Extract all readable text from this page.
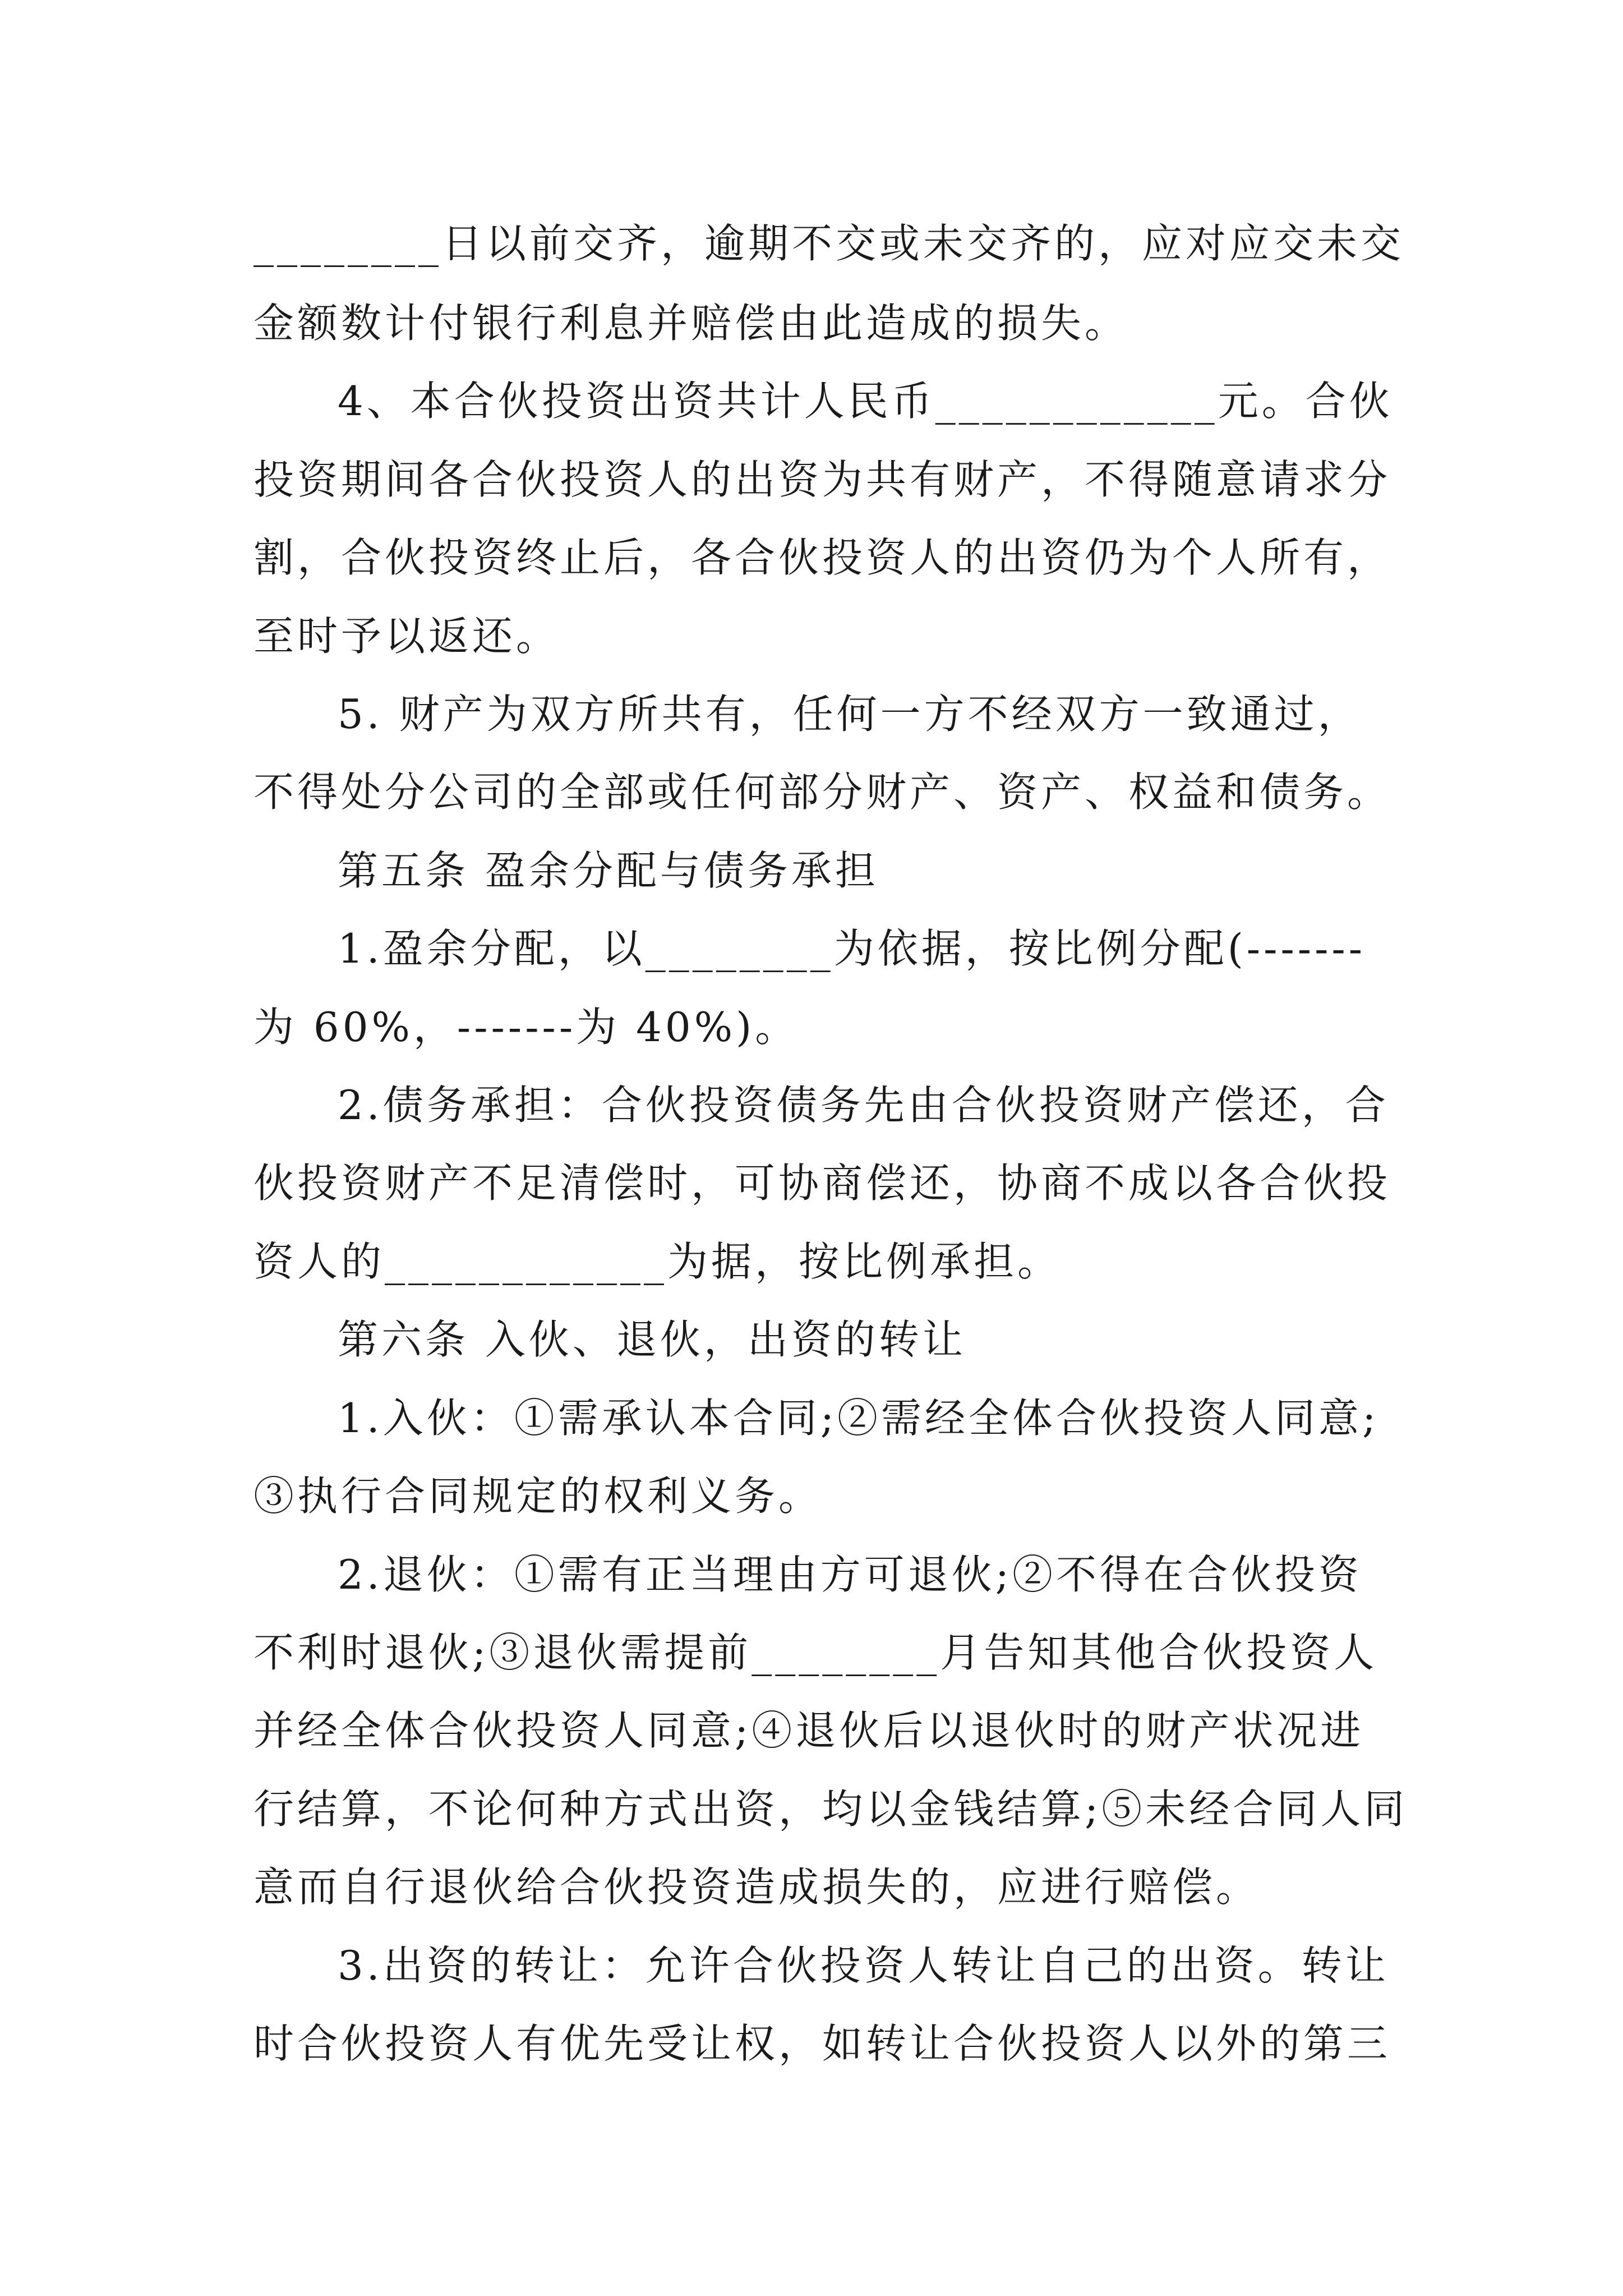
________日以前交齐，逾期不交或未交齐的，应对应交未交
金额数计付银行利息并赔偿由此造成的损失。
4、本合伙投资出资共计人民币____________元。合伙
投资期间各合伙投资人的出资为共有财产，不得随意请求分
割，合伙投资终止后，各合伙投资人的出资仍为个人所有，
至时予以返还。
5. 财产为双方所共有，任何一方不经双方一致通过，
不得处分公司的全部或任何部分财产、资产、权益和债务。
第五条 盈余分配与债务承担
1.盈余分配，以________为依据，按比例分配(-------
为 60%，-------为 40%)。
2.债务承担：合伙投资债务先由合伙投资财产偿还，合
伙投资财产不足清偿时，可协商偿还，协商不成以各合伙投
资人的____________为据，按比例承担。
第六条 入伙、退伙，出资的转让
1.入伙：①需承认本合同;②需经全体合伙投资人同意;
③执行合同规定的权利义务。
2.退伙：①需有正当理由方可退伙;②不得在合伙投资
不利时退伙;③退伙需提前________月告知其他合伙投资人
并经全体合伙投资人同意;④退伙后以退伙时的财产状况进
行结算，不论何种方式出资，均以金钱结算;⑤未经合同人同
意而自行退伙给合伙投资造成损失的，应进行赔偿。
3.出资的转让：允许合伙投资人转让自己的出资。转让
时合伙投资人有优先受让权，如转让合伙投资人以外的第三
